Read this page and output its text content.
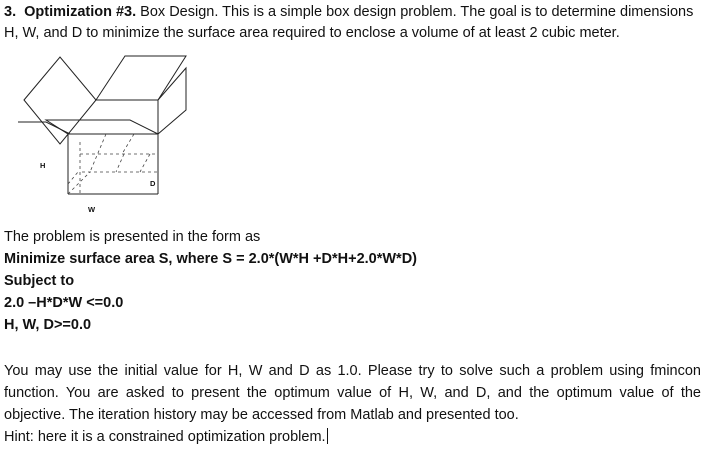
3. Optimization #3. Box Design. This is a simple box design problem. The goal is to determine dimensions
H, W, and D to minimize the surface area required to enclose a volume of at least 2 cubic meter.
H
W
D
The problem is presented in the form as
Minimize surface area S, where S = 2.0*(W*H +D*H+2.0*W*D)
Subject to
2.0 –H*D*W <=0.0
H, W, D>=0.0
You may use the initial value for H, W and D as 1.0. Please try to solve such a problem using fmincon
function. You are asked to present the optimum value of H, W, and D, and the optimum value of the
objective. The iteration history may be accessed from Matlab and presented too.
Hint: here it is a constrained optimization problem.
